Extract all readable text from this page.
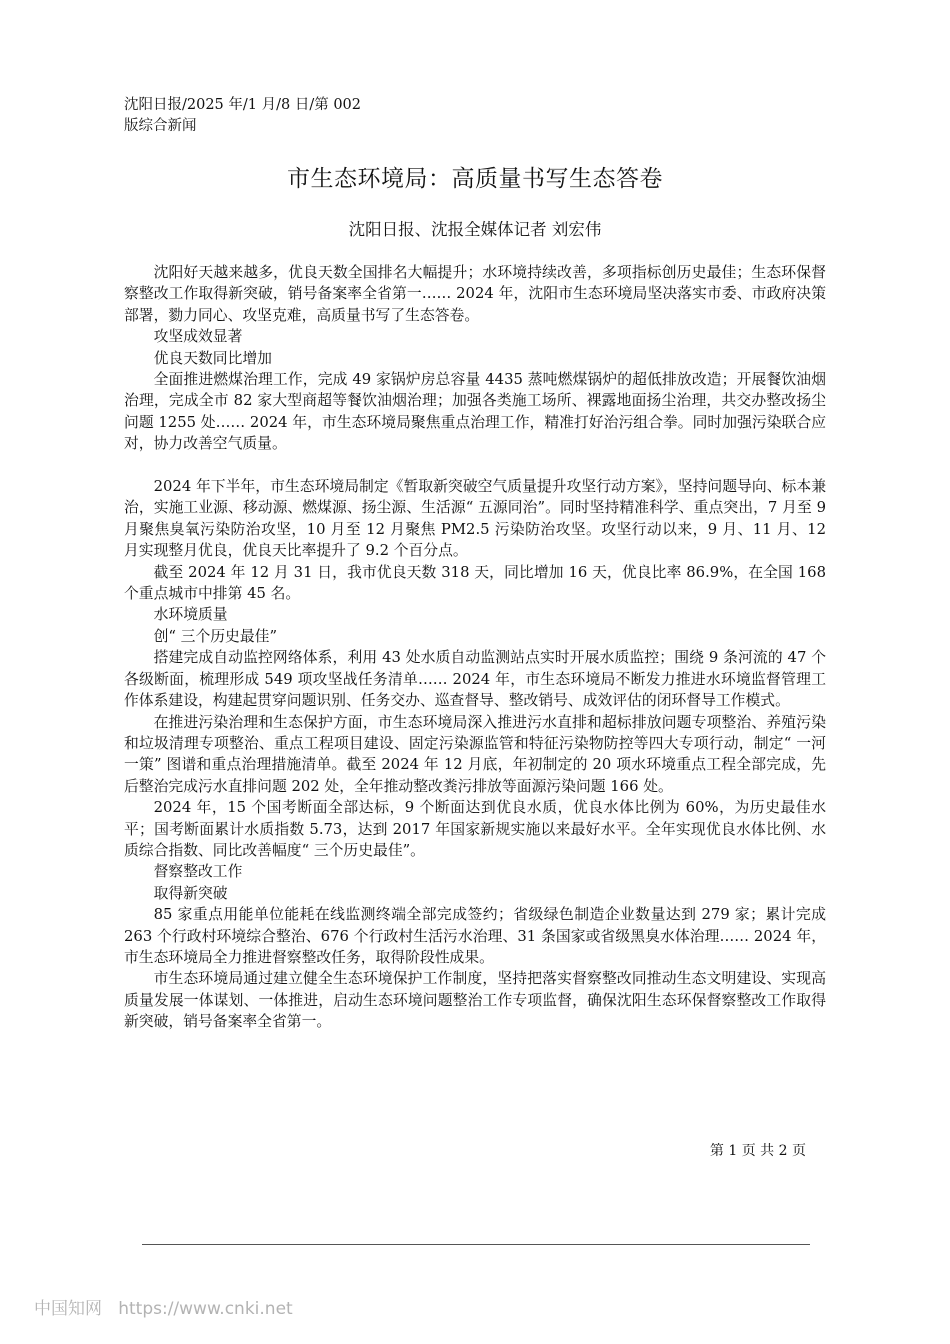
沈阳日报/2025 年/1 月/8 日/第 002
版综合新闻
市生态环境局：高质量书写生态答卷
沈阳日报、沈报全媒体记者 刘宏伟

沈阳好天越来越多，优良天数全国排名大幅提升；水环境持续改善，多项指标创历史最佳；生态环保督察整改工作取得新突破，销号备案率全省第一…… 2024 年，沈阳市生态环境局坚决落实市委、市政府决策部署，勠力同心、攻坚克难，高质量书写了生态答卷。

攻坚成效显著

优良天数同比增加

全面推进燃煤治理工作，完成 49 家锅炉房总容量 4435 蒸吨燃煤锅炉的超低排放改造；开展餐饮油烟治理，完成全市 82 家大型商超等餐饮油烟治理；加强各类施工场所、裸露地面扬尘治理，共交办整改扬尘问题 1255 处…… 2024 年，市生态环境局聚焦重点治理工作，精准打好治污组合拳。同时加强污染联合应对，协力改善空气质量。

2024 年下半年，市生态环境局制定《暂取新突破空气质量提升攻坚行动方案》，坚持问题导向、标本兼治，实施工业源、移动源、燃煤源、扬尘源、生活源“ 五源同治”。同时坚持精准科学、重点突出，7 月至 9 月聚焦臭氧污染防治攻坚，10 月至 12 月聚焦 PM2.5 污染防治攻坚。攻坚行动以来，9 月、11 月、12 月实现整月优良，优良天比率提升了 9.2 个百分点。

截至 2024 年 12 月 31 日，我市优良天数 318 天，同比增加 16 天，优良比率 86.9%，在全国 168 个重点城市中排第 45 名。

水环境质量

创“ 三个历史最佳”

搭建完成自动监控网络体系，利用 43 处水质自动监测站点实时开展水质监控；围绕 9 条河流的 47 个各级断面，梳理形成 549 项攻坚战任务清单…… 2024 年，市生态环境局不断发力推进水环境监督管理工作体系建设，构建起贯穿问题识别、任务交办、巡查督导、整改销号、成效评估的闭环督导工作模式。

在推进污染治理和生态保护方面，市生态环境局深入推进污水直排和超标排放问题专项整治、养殖污染和垃圾清理专项整治、重点工程项目建设、固定污染源监管和特征污染物防控等四大专项行动，制定“ 一河一策” 图谱和重点治理措施清单。截至 2024 年 12 月底，年初制定的 20 项水环境重点工程全部完成，先后整治完成污水直排问题 202 处，全年推动整改粪污排放等面源污染问题 166 处。

2024 年，15 个国考断面全部达标，9 个断面达到优良水质，优良水体比例为 60%，为历史最佳水平；国考断面累计水质指数 5.73，达到 2017 年国家新规实施以来最好水平。全年实现优良水体比例、水质综合指数、同比改善幅度“ 三个历史最佳”。

督察整改工作

取得新突破

85 家重点用能单位能耗在线监测终端全部完成签约；省级绿色制造企业数量达到 279 家；累计完成 263 个行政村环境综合整治、676 个行政村生活污水治理、31 条国家或省级黑臭水体治理…… 2024 年，市生态环境局全力推进督察整改任务，取得阶段性成果。

市生态环境局通过建立健全生态环境保护工作制度，坚持把落实督察整改同推动生态文明建设、实现高质量发展一体谋划、一体推进，启动生态环境问题整治工作专项监督，确保沈阳生态环保督察整改工作取得新突破，销号备案率全省第一。

第 1 页 共 2 页
中国知网 https://www.cnki.net
